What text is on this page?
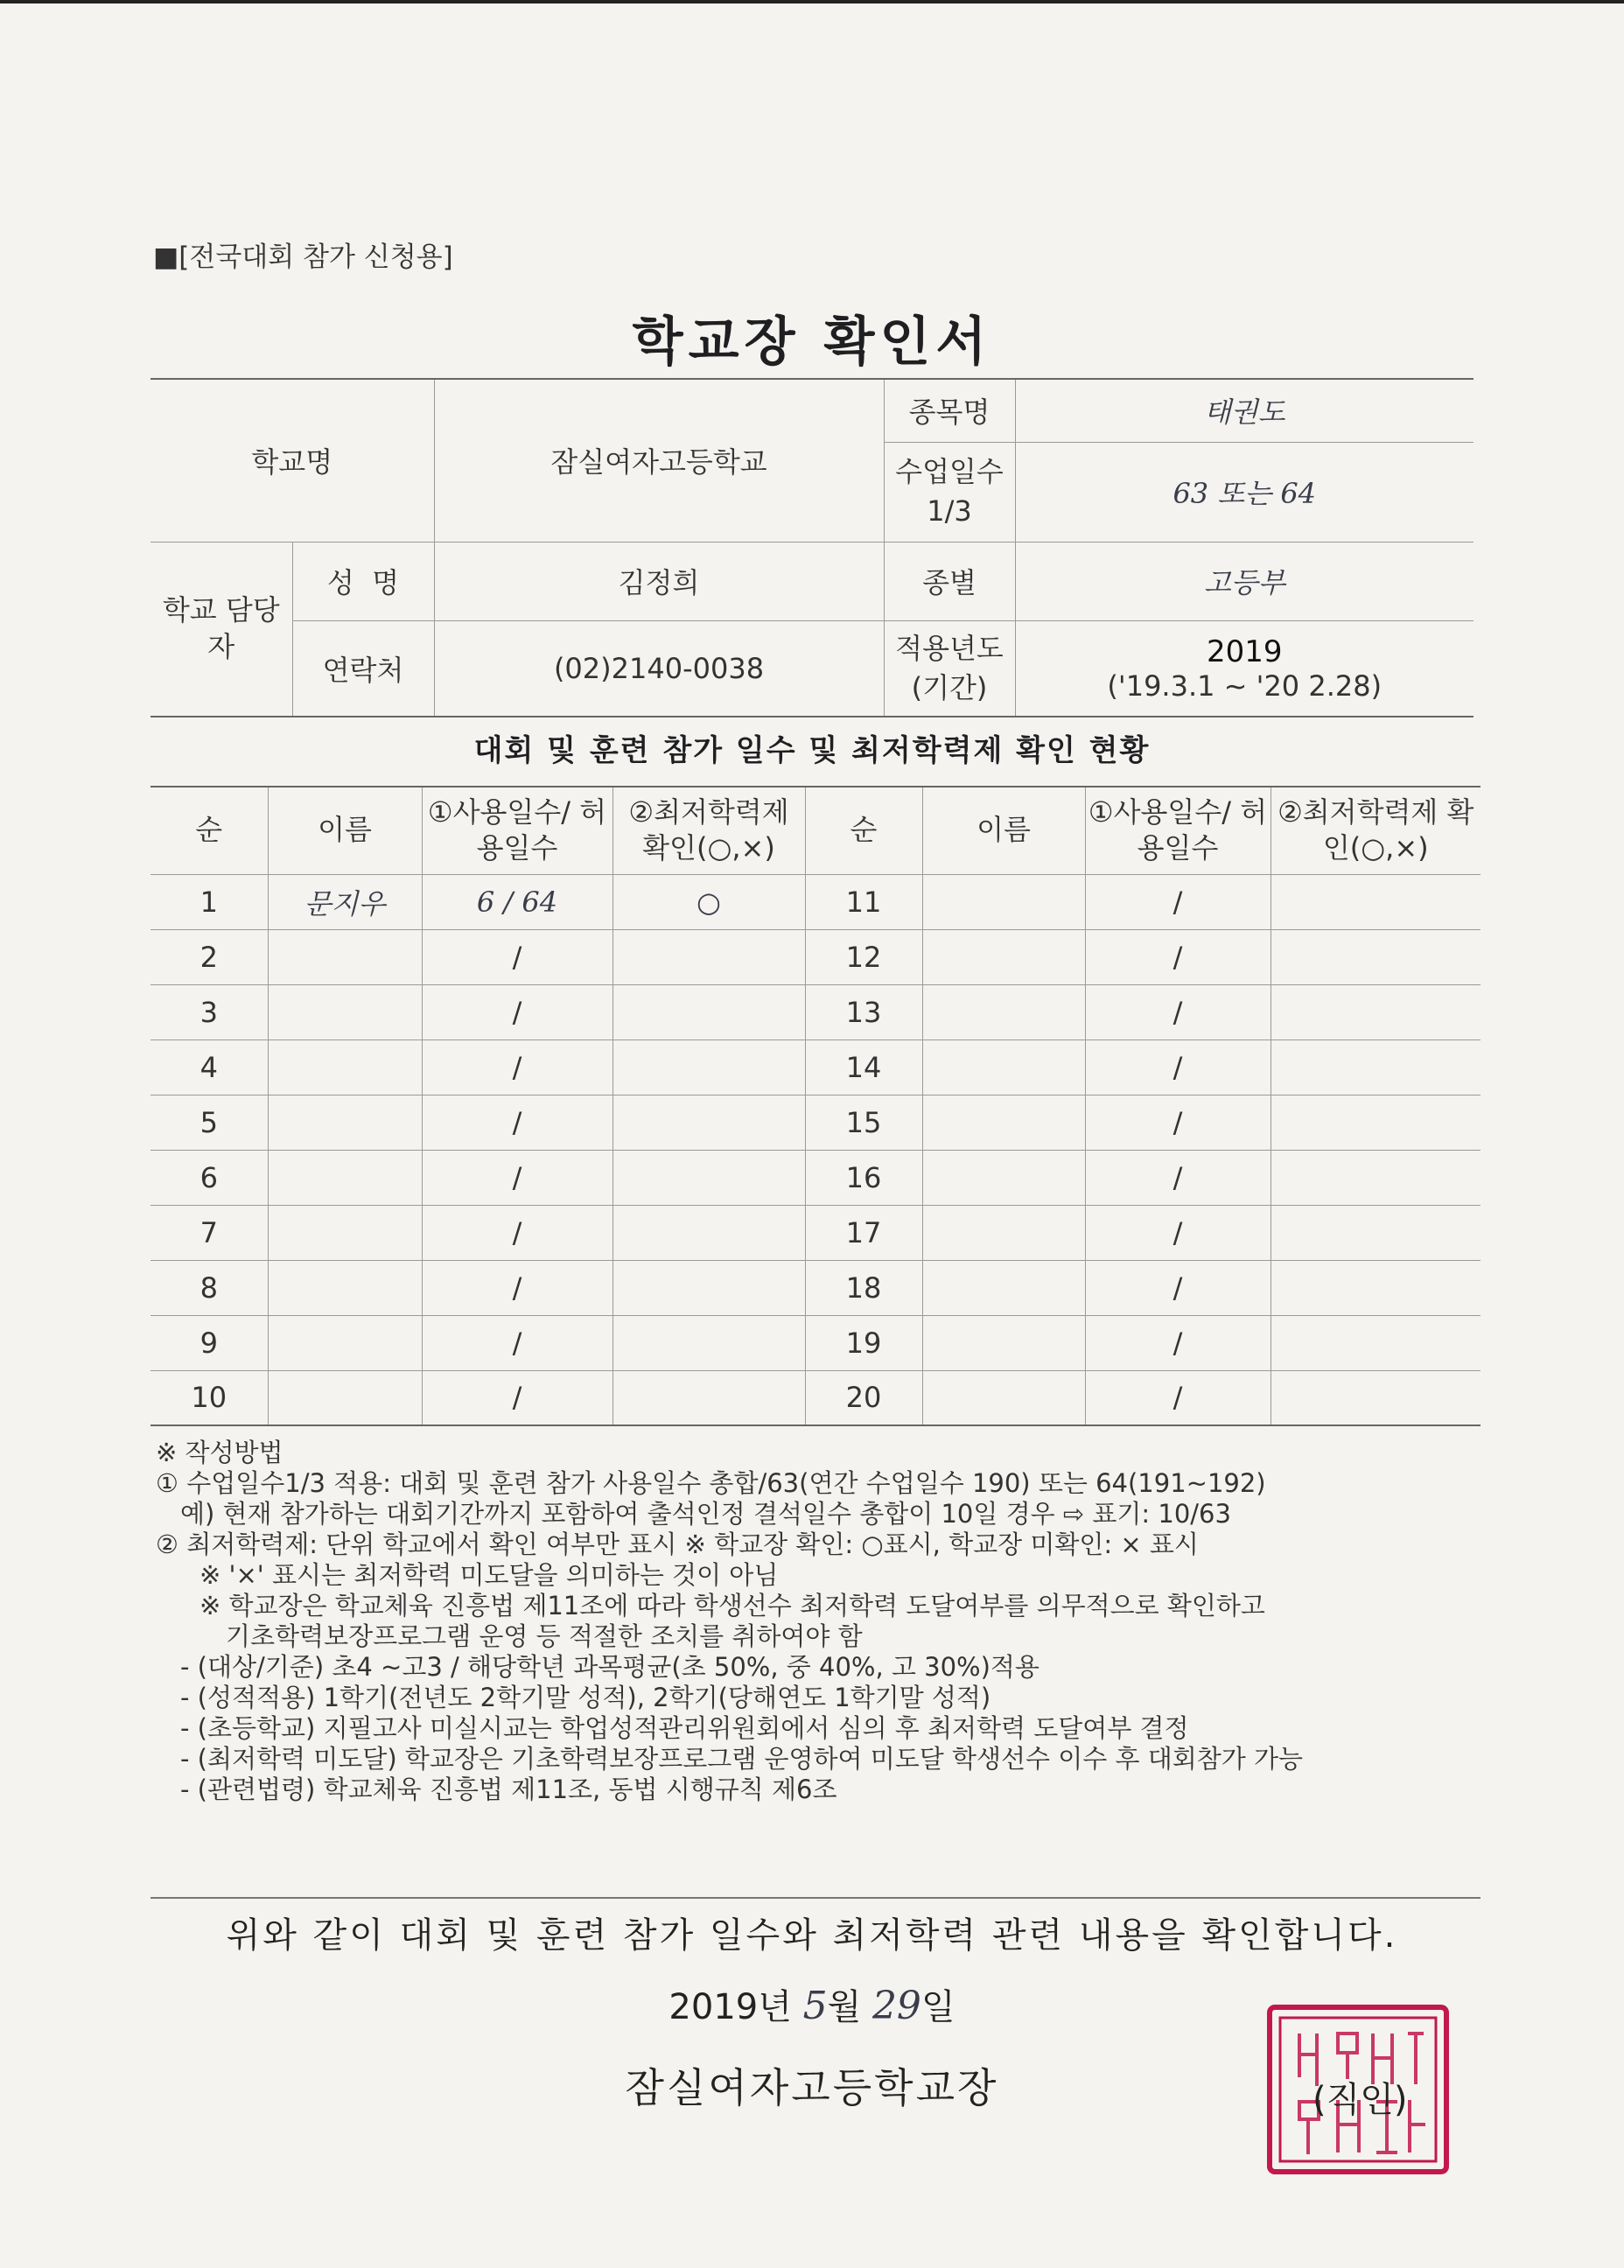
■[전국대회 참가 신청용]
학교장 확인서
학교명		잠실여자고등학교	종목명	태권도
			수업일수 1/3	63 또는 64
학교 담당자	성  명	김정희	종별	고등부
	연락처	(02)2140-0038	적용년도 (기간)	2019
('19.3.1 ~ '20 2.28)
대회 및 훈련 참가 일수 및 최저학력제 확인 현황
순	이름	①사용일수/ 허용일수	②최저학력제 확인(○,×)	순	이름	①사용일수/ 허용일수	②최저학력제 확인(○,×)
1	문지우	6 / 64	○	11		/	
2		/		12		/	
3		/		13		/	
4		/		14		/	
5		/		15		/	
6		/		16		/	
7		/		17		/	
8		/		18		/	
9		/		19		/	
10		/		20		/	
※ 작성방법
① 수업일수1/3 적용: 대회 및 훈련 참가 사용일수 총합/63(연간 수업일수 190) 또는 64(191~192)
예) 현재 참가하는 대회기간까지 포함하여 출석인정 결석일수 총합이 10일 경우 ⇨ 표기: 10/63
② 최저학력제: 단위 학교에서 확인 여부만 표시 ※ 학교장 확인: ○표시, 학교장 미확인: × 표시
※ '×' 표시는 최저학력 미도달을 의미하는 것이 아님
※ 학교장은 학교체육 진흥법 제11조에 따라 학생선수 최저학력 도달여부를 의무적으로 확인하고
기초학력보장프로그램 운영 등 적절한 조치를 취하여야 함
- (대상/기준) 초4 ~고3 / 해당학년 과목평균(초 50%, 중 40%, 고 30%)적용
- (성적적용) 1학기(전년도 2학기말 성적), 2학기(당해연도 1학기말 성적)
- (초등학교) 지필고사 미실시교는 학업성적관리위원회에서 심의 후 최저학력 도달여부 결정
- (최저학력 미도달) 학교장은 기초학력보장프로그램 운영하여 미도달 학생선수 이수 후 대회참가 가능
- (관련법령) 학교체육 진흥법 제11조, 동법 시행규칙 제6조
위와 같이 대회 및 훈련 참가 일수와 최저학력 관련 내용을 확인합니다.
2019년 5월 29일
잠실여자고등학교장	(직인)
